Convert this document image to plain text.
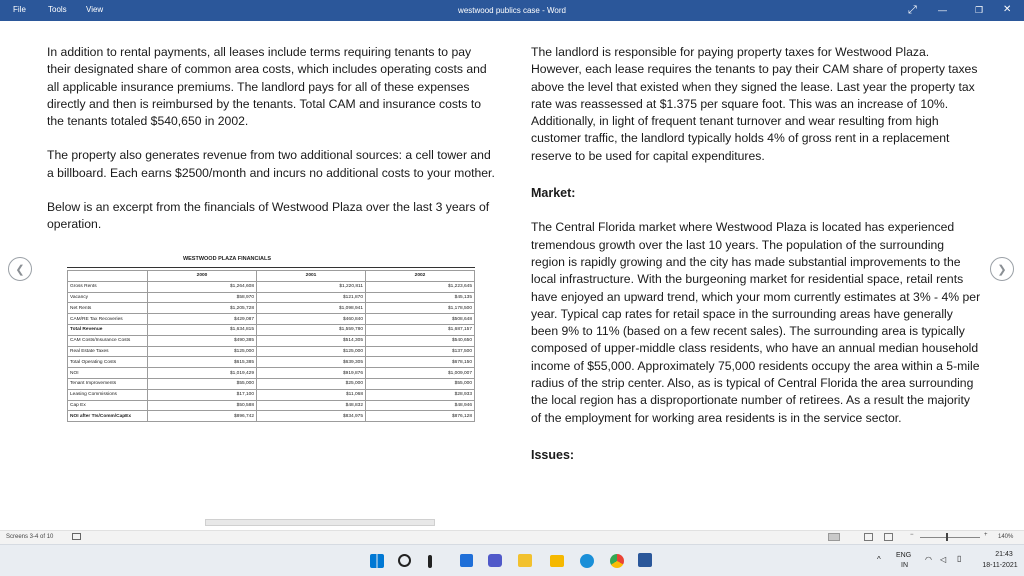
File	Tools View	westwood publics case - Word	⤢ —	❐ ✕

In addition to rental payments, all leases include terms requiring tenants to pay their designated share of common area costs, which includes operating costs and all applicable insurance premiums. The landlord pays for all of these expenses directly and then is reimbursed by the tenants. Total CAM and insurance costs to the tenants totaled $540,650 in 2002.

The property also generates revenue from two additional sources: a cell tower and a billboard. Each earns $2500/month and incurs no additional costs to your mother.

Below is an excerpt from the financials of Westwood Plaza over the last 3 years of operation.

The landlord is responsible for paying property taxes for Westwood Plaza. However, each lease requires the tenants to pay their CAM share of property taxes above the level that existed when they signed the lease. Last year the property tax rate was reassessed at $1.375 per square foot. This was an increase of 10%. Additionally, in light of frequent tenant turnover and wear resulting from high customer traffic, the landlord typically holds 4% of gross rent in a replacement reserve to be used for capital expenditures.

Market:

The Central Florida market where Westwood Plaza is located has experienced tremendous growth over the last 10 years. The population of the surrounding region is rapidly growing and the city has made substantial improvements to the local infrastructure. With the burgeoning market for residential space, retail rents have enjoyed an upward trend, which your mom currently estimates at 3% - 4% per year. Typical cap rates for retail space in the surrounding areas have generally been 9% to 11% (based on a few recent sales). The surrounding area is typically composed of upper-middle class residents, who have an annual median household income of $55,000. Approximately 75,000 residents occupy the area within a 5-mile radius of the strip center. Also, as is typical of Central Florida the area surrounding the local region has a disproportionate number of retirees. As a result the majority of the employment for working area residents is in the service sector.

Issues:

❮	❯
WESTWOOD PLAZA FINANCIALS
	2000	2001	2002
Gross Rents	$1,264,608	$1,220,811	$1,223,645
Vacancy	$58,970	$121,870	$45,135
Net Rents	$1,205,728	$1,098,941	$1,178,500
CAM/RE Tax Recoveries	$429,087	$460,840	$508,648
Total Revenue	$1,634,815	$1,559,780	$1,687,157
CAM Costs/Insurance Costs	$490,385	$514,305	$540,650
Real Estate Taxes	$125,000	$125,000	$137,500
Total Operating Costs	$615,385	$639,305	$678,150
NOI	$1,019,429	$919,876	$1,009,007
Tenant Improvements	$55,000	$25,000	$55,000
Leasing Commissions	$17,100	$11,068	$28,933
Cap Ex	$50,588	$48,832	$48,946
NOI after TIs/Comm/CapEx	$896,742	$834,975	$876,128
Screens 3-4 of 10	−	+ 140%
^ ENG
IN
◠ ◁ ▯	21:43
18-11-2021
